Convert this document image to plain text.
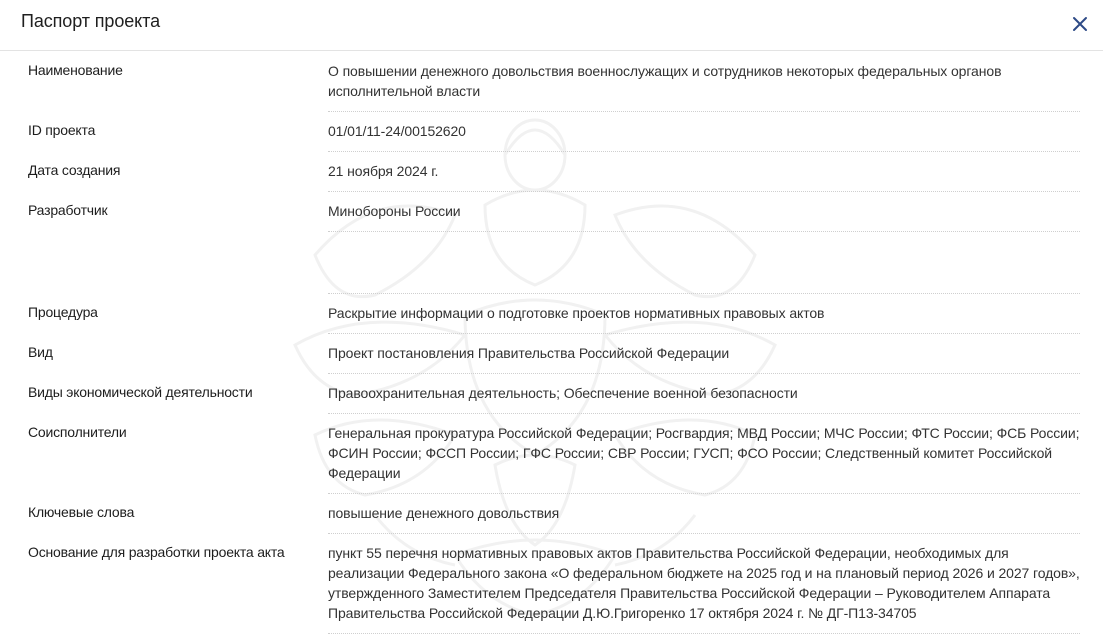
Паспорт проекта
Наименование	О повышении денежного довольствия военнослужащих и сотрудников некоторых федеральных органов исполнительной власти
ID проекта	01/01/11-24/00152620
Дата создания	21 ноября 2024 г.
Разработчик	Минобороны России
Процедура	Раскрытие информации о подготовке проектов нормативных правовых актов
Вид	Проект постановления Правительства Российской Федерации
Виды экономической деятельности	Правоохранительная деятельность; Обеспечение военной безопасности
Соисполнители	Генеральная прокуратура Российской Федерации; Росгвардия; МВД России; МЧС России; ФТС России; ФСБ России; ФСИН России; ФССП России; ГФС России; СВР России; ГУСП; ФСО России; Следственный комитет Российской Федерации
Ключевые слова	повышение денежного довольствия
Основание для разработки проекта акта	пункт 55 перечня нормативных правовых актов Правительства Российской Федерации, необходимых для реализации Федерального закона «О федеральном бюджете на 2025 год и на плановый период 2026 и 2027 годов», утвержденного Заместителем Председателя Правительства Российской Федерации – Руководителем Аппарата Правительства Российской Федерации Д.Ю.Григоренко 17 октября 2024 г. № ДГ-П13-34705
